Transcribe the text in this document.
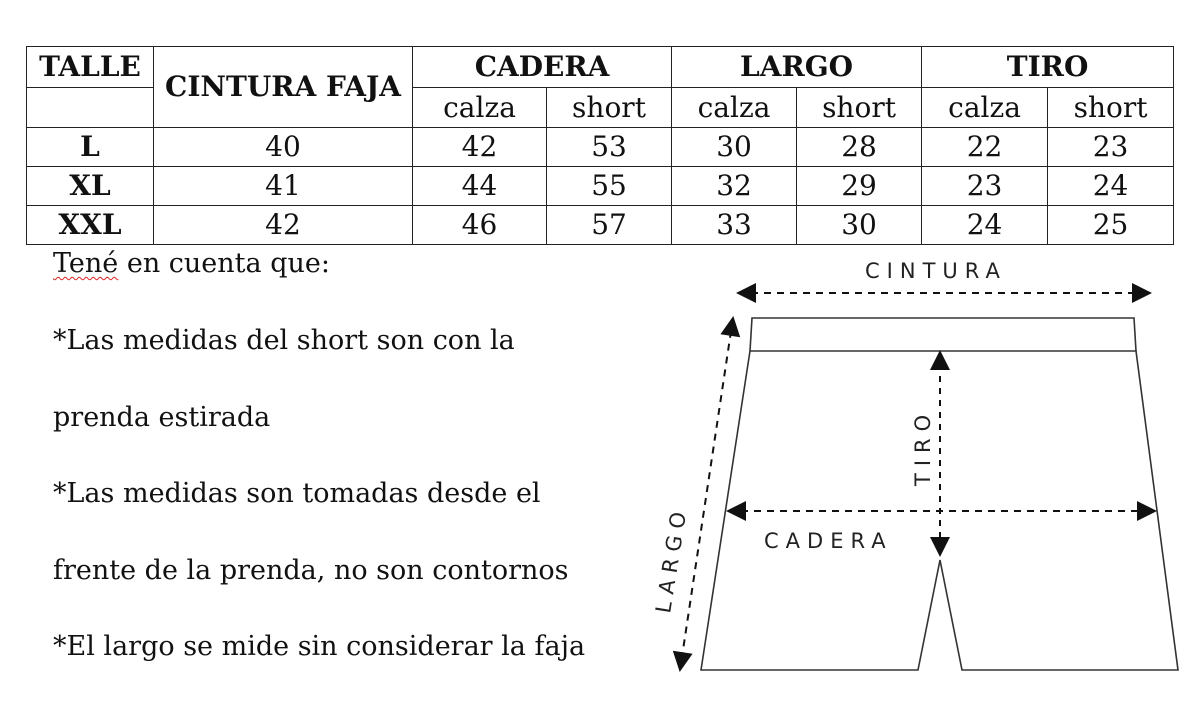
TALLE	CINTURA FAJA	CADERA		LARGO		TIRO	
		calza	short	calza	short	calza	short
L	40	42	53	30	28	22	23
XL	41	44	55	32	29	23	24
XXL	42	46	57	33	30	24	25
Tené en cuenta que:
*Las medidas del short son con la
prenda estirada
*Las medidas son tomadas desde el
frente de la prenda, no son contornos
*El largo se mide sin considerar la faja
CINTURA
CADERA
TIRO
LARGO
